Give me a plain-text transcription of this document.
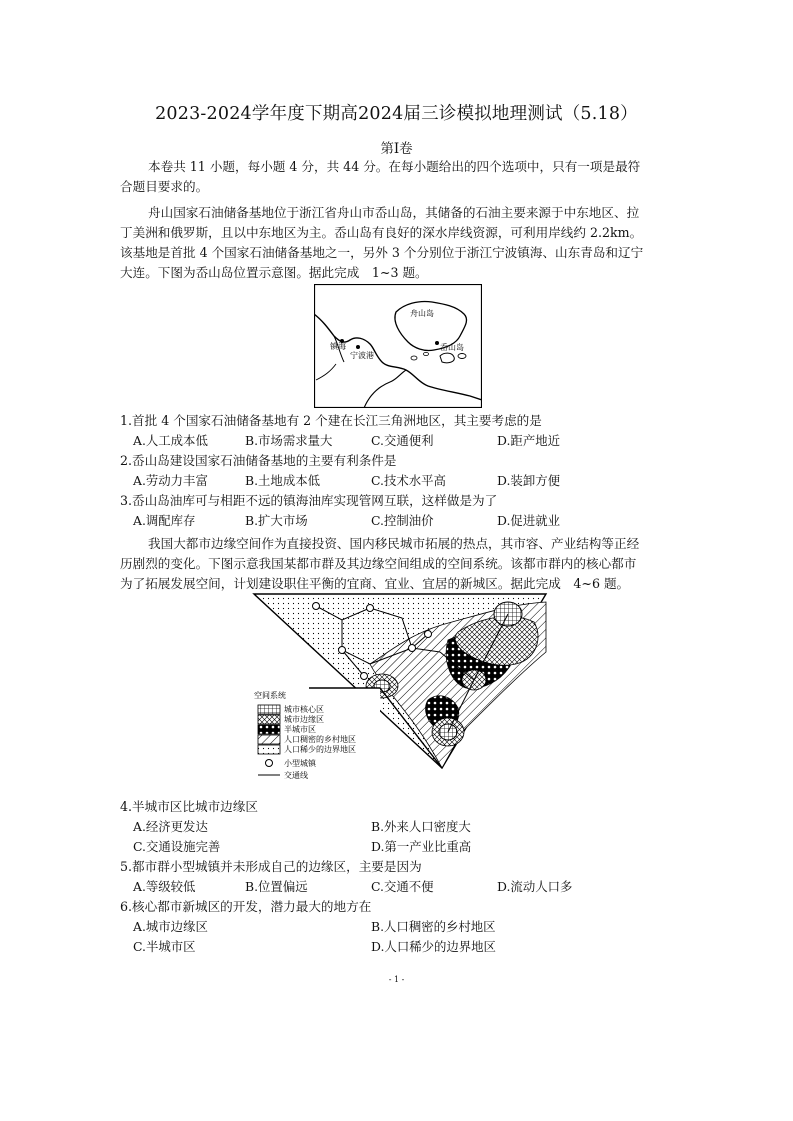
2023-2024学年度下期高2024届三诊模拟地理测试（5.18）
第Ⅰ卷
本卷共 11 小题，每小题 4 分，共 44 分。在每小题给出的四个选项中，只有一项是最符
合题目要求的。
舟山国家石油储备基地位于浙江省舟山市岙山岛，其储备的石油主要来源于中东地区、拉
丁美洲和俄罗斯，且以中东地区为主。岙山岛有良好的深水岸线资源，可利用岸线约 2.2km。
该基地是首批 4 个国家石油储备基地之一，另外 3 个分别位于浙江宁波镇海、山东青岛和辽宁
大连。下图为岙山岛位置示意图。据此完成　1~3 题。
舟山岛
镇海
宁波港
岙山岛
1.首批 4 个国家石油储备基地有 2 个建在长江三角洲地区，其主要考虑的是
A.人工成本低	B.市场需求量大	C.交通便利	D.距产地近
2.岙山岛建设国家石油储备基地的主要有利条件是
A.劳动力丰富	B.土地成本低	C.技术水平高	D.装卸方便
3.岙山岛油库可与相距不远的镇海油库实现管网互联，这样做是为了
A.调配库存	B.扩大市场	C.控制油价	D.促进就业
我国大都市边缘空间作为直接投资、国内移民城市拓展的热点，其市容、产业结构等正经
历剧烈的变化。下图示意我国某都市群及其边缘空间组成的空间系统。该都市群内的核心都市
为了拓展发展空间，计划建设职住平衡的宜商、宜业、宜居的新城区。据此完成　4~6 题。
空间系统
城市核心区
城市边缘区
半城市区
人口稠密的乡村地区
人口稀少的边界地区
小型城镇
交通线
4.半城市区比城市边缘区
A.经济更发达	B.外来人口密度大
C.交通设施完善	D.第一产业比重高
5.都市群小型城镇并未形成自己的边缘区，主要是因为
A.等级较低	B.位置偏远	C.交通不便	D.流动人口多
6.核心都市新城区的开发，潜力最大的地方在
A.城市边缘区	B.人口稠密的乡村地区
C.半城市区	D.人口稀少的边界地区
- 1 -
